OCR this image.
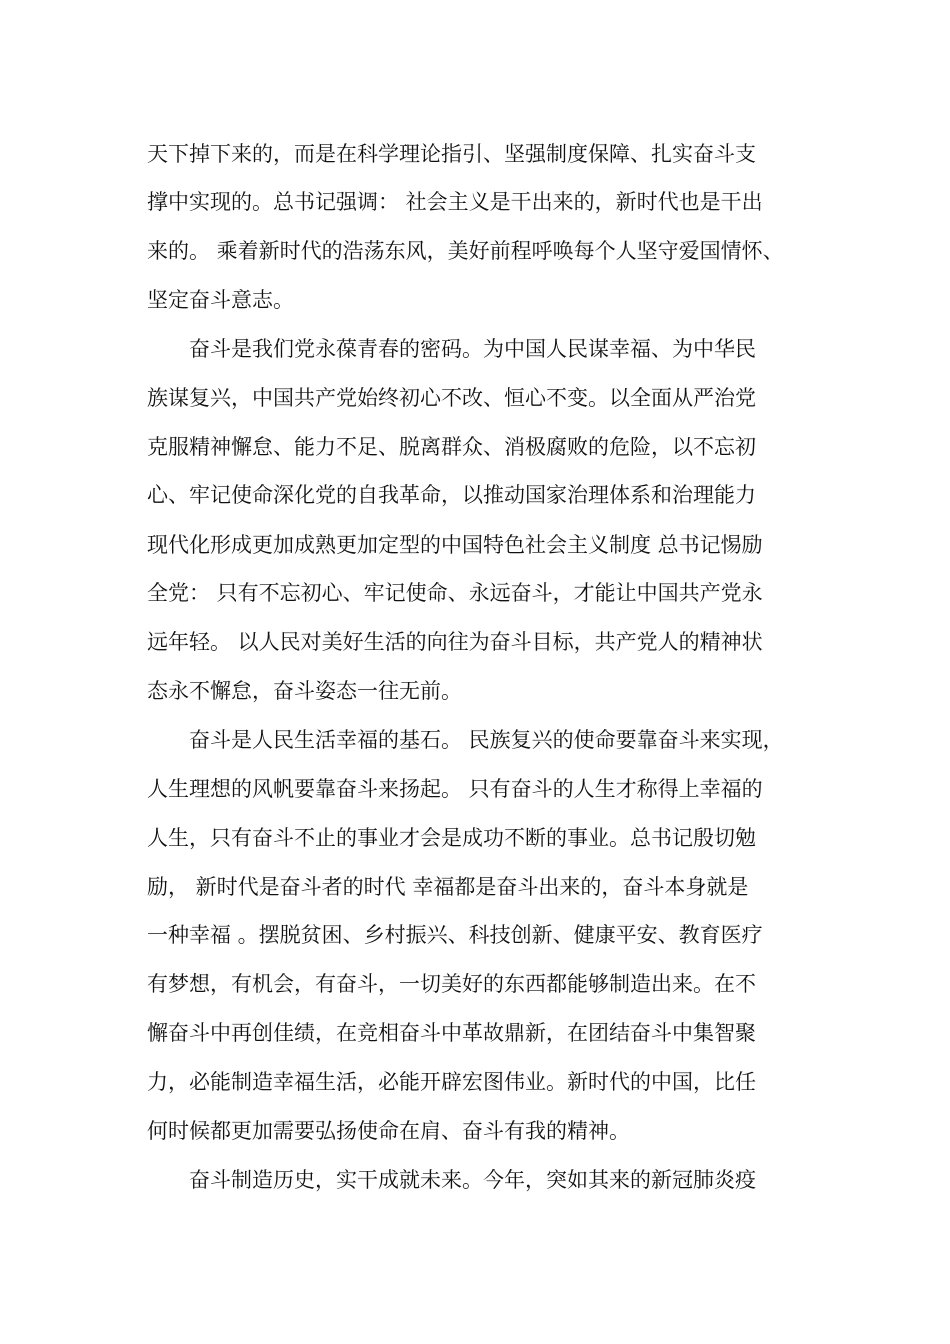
天下掉下来的，而是在科学理论指引、坚强制度保障、扎实奋斗支
撑中实现的。总书记强调： 社会主义是干出来的，新时代也是干出
来的。 乘着新时代的浩荡东风，美好前程呼唤每个人坚守爱国情怀、
坚定奋斗意志。
奋斗是我们党永葆青春的密码。为中国人民谋幸福、为中华民
族谋复兴，中国共产党始终初心不改、恒心不变。以全面从严治党
克服精神懈怠、能力不足、脱离群众、消极腐败的危险，以不忘初
心、牢记使命深化党的自我革命，以推动国家治理体系和治理能力
现代化形成更加成熟更加定型的中国特色社会主义制度 总书记惕励
全党： 只有不忘初心、牢记使命、永远奋斗，才能让中国共产党永
远年轻。 以人民对美好生活的向往为奋斗目标，共产党人的精神状
态永不懈怠，奋斗姿态一往无前。
奋斗是人民生活幸福的基石。 民族复兴的使命要靠奋斗来实现，
人生理想的风帆要靠奋斗来扬起。 只有奋斗的人生才称得上幸福的
人生，只有奋斗不止的事业才会是成功不断的事业。总书记殷切勉
励， 新时代是奋斗者的时代 幸福都是奋斗出来的，奋斗本身就是
一种幸福 。摆脱贫困、乡村振兴、科技创新、健康平安、教育医疗
有梦想，有机会，有奋斗，一切美好的东西都能够制造出来。在不
懈奋斗中再创佳绩，在竞相奋斗中革故鼎新，在团结奋斗中集智聚
力，必能制造幸福生活，必能开辟宏图伟业。新时代的中国，比任
何时候都更加需要弘扬使命在肩、奋斗有我的精神。
奋斗制造历史，实干成就未来。今年，突如其来的新冠肺炎疫
